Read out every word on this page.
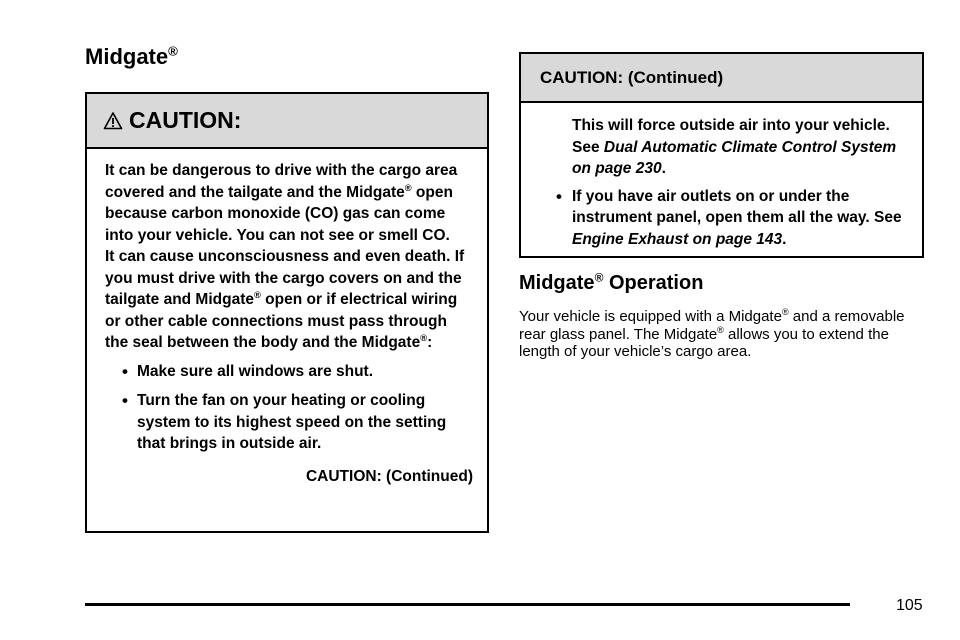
Midgate®
CAUTION:

It can be dangerous to drive with the cargo area covered and the tailgate and the Midgate® open because carbon monoxide (CO) gas can come into your vehicle. You can not see or smell CO.

It can cause unconsciousness and even death. If you must drive with the cargo covers on and the tailgate and Midgate® open or if electrical wiring or other cable connections must pass through the seal between the body and the Midgate®:

• Make sure all windows are shut.
• Turn the fan on your heating or cooling system to its highest speed on the setting that brings in outside air.
CAUTION: (Continued)
CAUTION: (Continued)

This will force outside air into your vehicle. See Dual Automatic Climate Control System on page 230.

• If you have air outlets on or under the instrument panel, open them all the way. See Engine Exhaust on page 143.
Midgate® Operation

Your vehicle is equipped with a Midgate® and a removable rear glass panel. The Midgate® allows you to extend the length of your vehicle’s cargo area.

105
